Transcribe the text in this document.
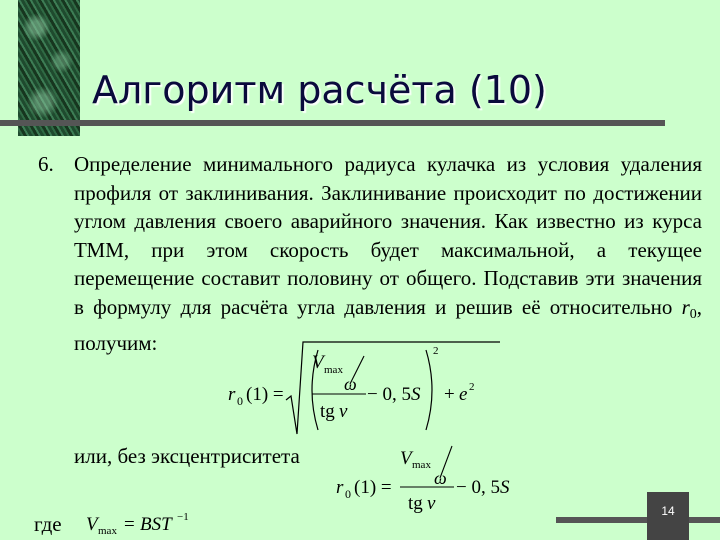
Алгоритм расчёта (10)
6. Определение минимального радиуса кулачка из условия удаления профиля от заклинивания. Заклинивание происходит по достижении углом давления своего аварийного значения. Как известно из курса ТММ, при этом скорость будет максимальной, а текущее перемещение составит половину от общего. Подставив эти значения в формулу для расчёта угла давления и решив её относительно $r_0$, получим:

r 0 (1) =
V max
ω
tg ν
− 0, 5 S
2
+ e 2

или, без эксцентриситета	V max
ω
r 0 (1) =
tg ν
− 0, 5 S

где V max = BST −1	14
